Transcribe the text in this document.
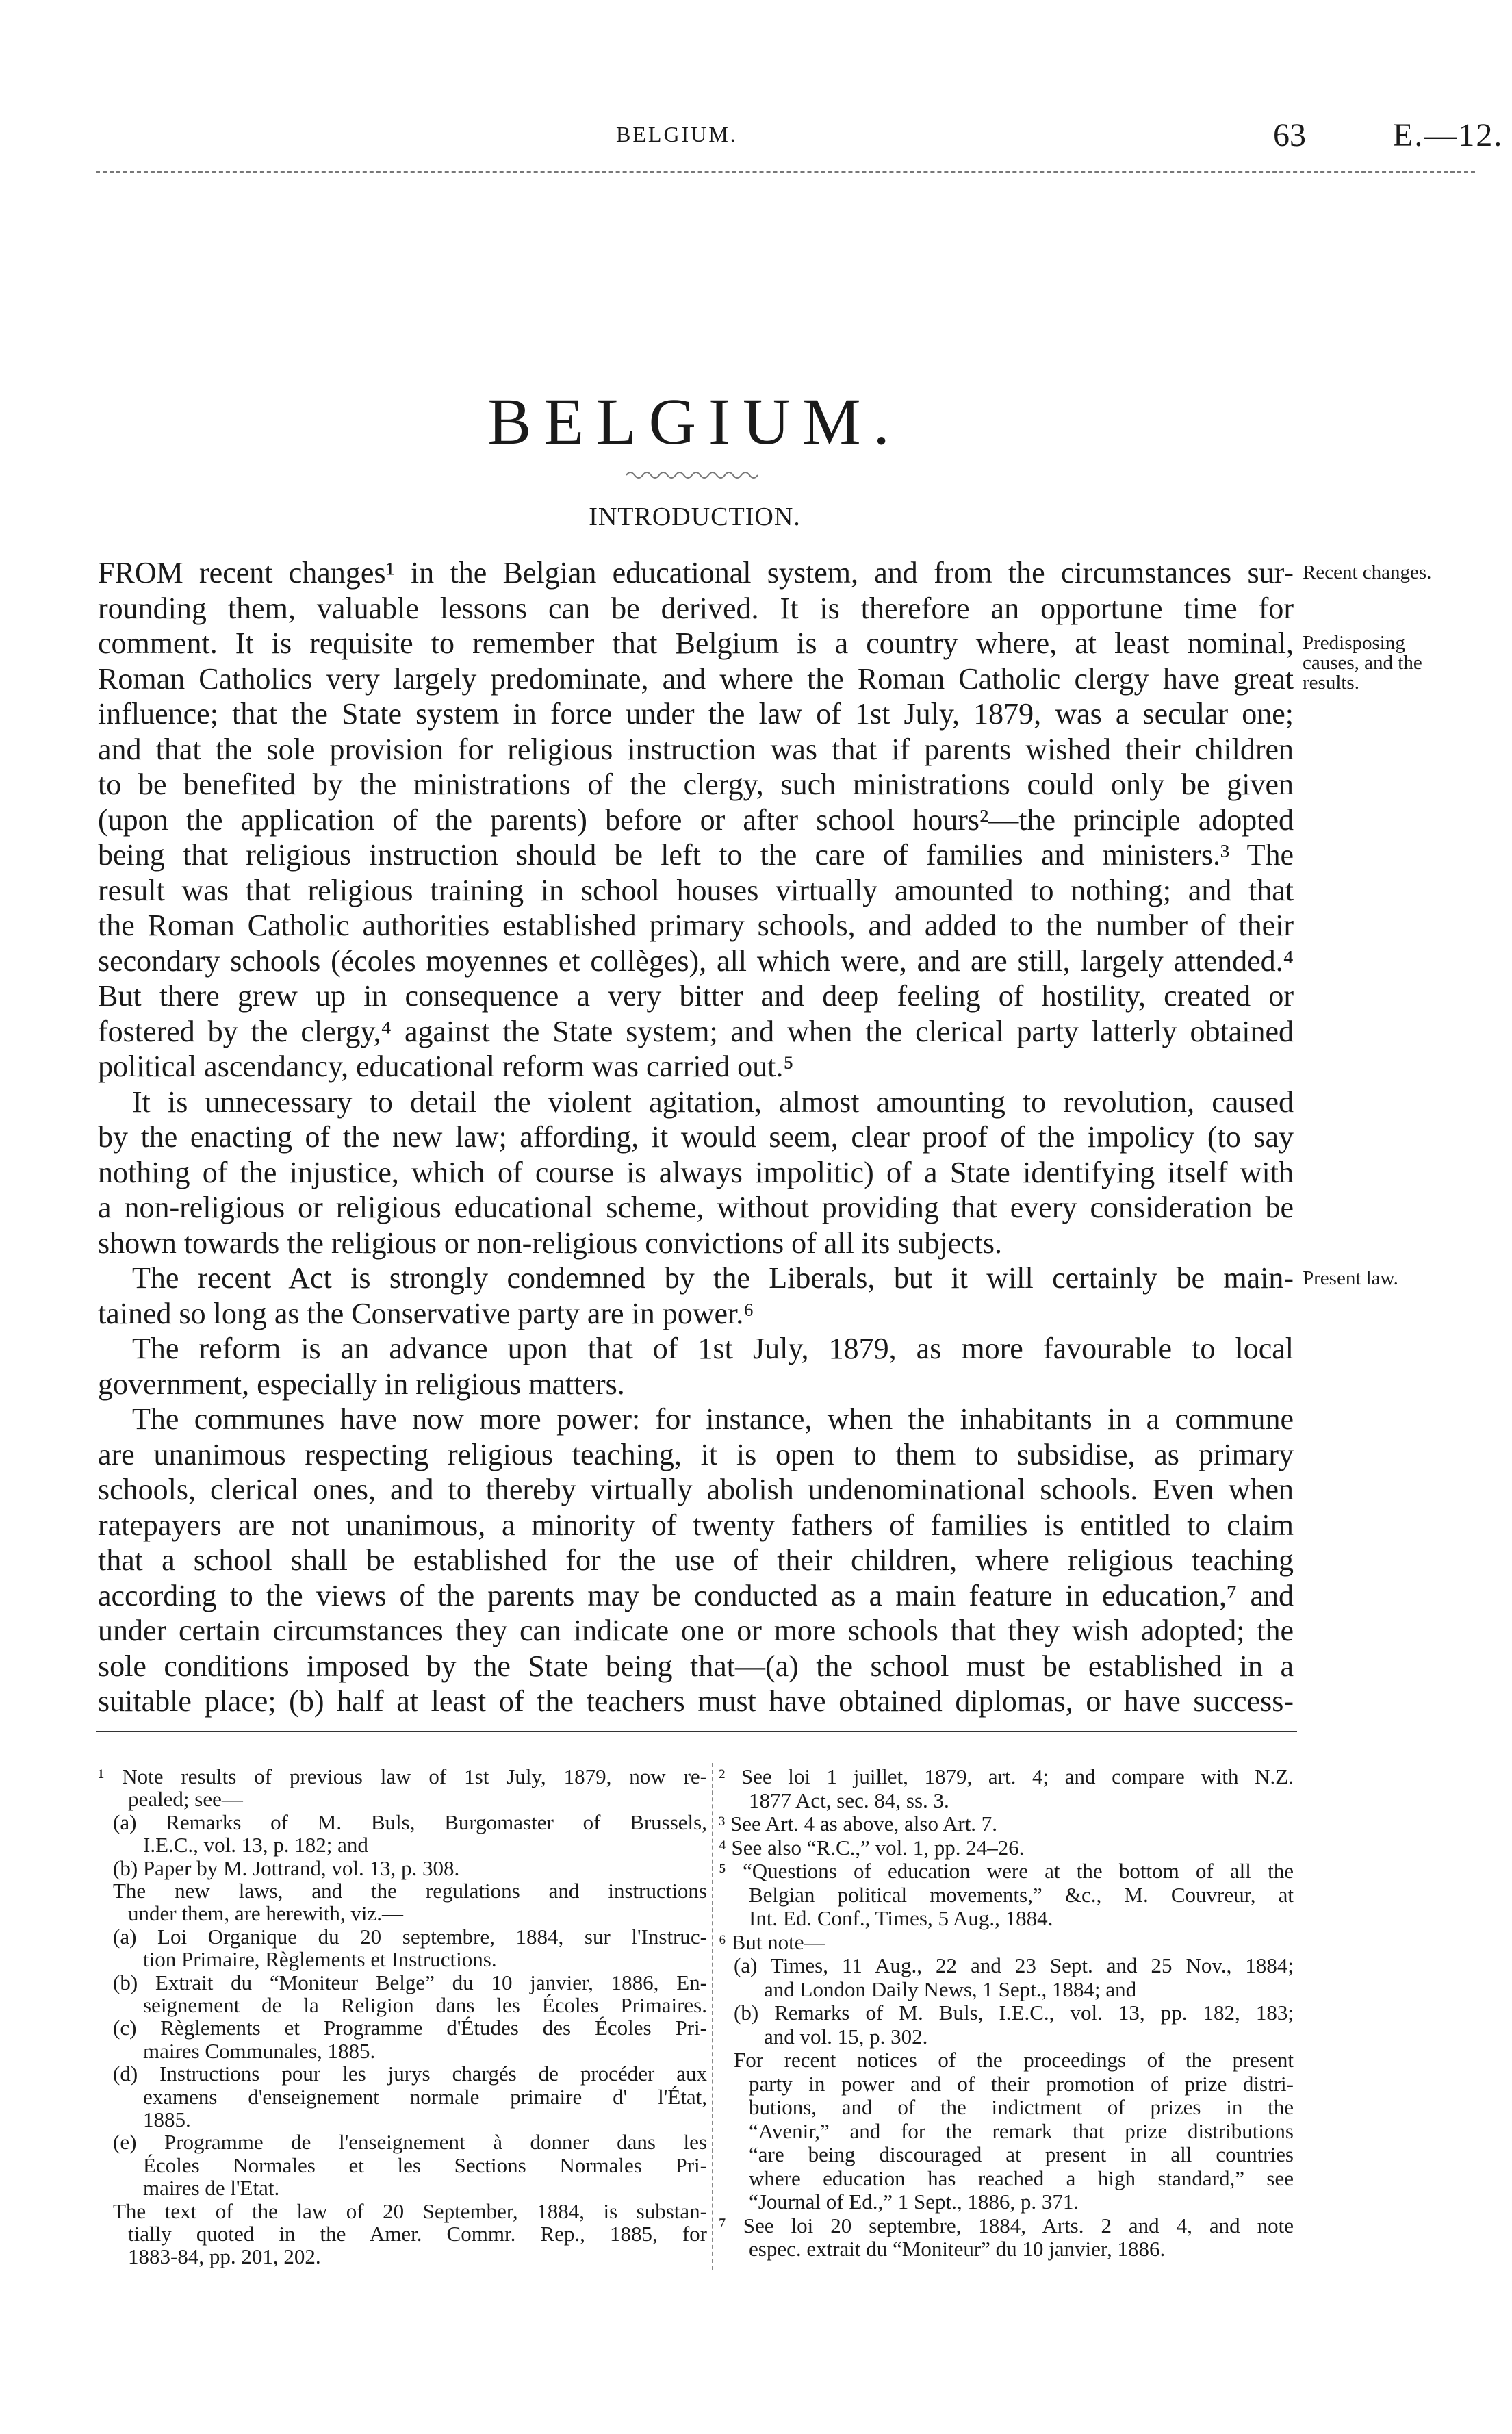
BELGIUM.	63	E.—12.
BELGIUM.
INTRODUCTION.
FROM recent changes¹ in the Belgian educational system, and from the circumstances sur-
rounding them, valuable lessons can be derived. It is therefore an opportune time for
comment. It is requisite to remember that Belgium is a country where, at least nominal,
Roman Catholics very largely predominate, and where the Roman Catholic clergy have great
influence; that the State system in force under the law of 1st July, 1879, was a secular one;
and that the sole provision for religious instruction was that if parents wished their children
to be benefited by the ministrations of the clergy, such ministrations could only be given
(upon the application of the parents) before or after school hours²—the principle adopted
being that religious instruction should be left to the care of families and ministers.³ The
result was that religious training in school houses virtually amounted to nothing; and that
the Roman Catholic authorities established primary schools, and added to the number of their
secondary schools (écoles moyennes et collèges), all which were, and are still, largely attended.⁴
But there grew up in consequence a very bitter and deep feeling of hostility, created or
fostered by the clergy,⁴ against the State system; and when the clerical party latterly obtained
political ascendancy, educational reform was carried out.⁵
It is unnecessary to detail the violent agitation, almost amounting to revolution, caused
by the enacting of the new law; affording, it would seem, clear proof of the impolicy (to say
nothing of the injustice, which of course is always impolitic) of a State identifying itself with
a non-religious or religious educational scheme, without providing that every consideration be
shown towards the religious or non-religious convictions of all its subjects.
The recent Act is strongly condemned by the Liberals, but it will certainly be main-
tained so long as the Conservative party are in power.⁶
The reform is an advance upon that of 1st July, 1879, as more favourable to local
government, especially in religious matters.
The communes have now more power: for instance, when the inhabitants in a commune
are unanimous respecting religious teaching, it is open to them to subsidise, as primary
schools, clerical ones, and to thereby virtually abolish undenominational schools. Even when
ratepayers are not unanimous, a minority of twenty fathers of families is entitled to claim
that a school shall be established for the use of their children, where religious teaching
according to the views of the parents may be conducted as a main feature in education,⁷ and
under certain circumstances they can indicate one or more schools that they wish adopted; the
sole conditions imposed by the State being that—(a) the school must be established in a
suitable place; (b) half at least of the teachers must have obtained diplomas, or have success-
Recent changes.
Predisposing causes, and the results.
Present law.
¹ Note results of previous law of 1st July, 1879, now re-
pealed; see—
(a) Remarks of M. Buls, Burgomaster of Brussels,
I.E.C., vol. 13, p. 182; and
(b) Paper by M. Jottrand, vol. 13, p. 308.
The new laws, and the regulations and instructions
under them, are herewith, viz.—
(a) Loi Organique du 20 septembre, 1884, sur l'Instruc-
tion Primaire, Règlements et Instructions.
(b) Extrait du “Moniteur Belge” du 10 janvier, 1886, En-
seignement de la Religion dans les Écoles Primaires.
(c) Règlements et Programme d'Études des Écoles Pri-
maires Communales, 1885.
(d) Instructions pour les jurys chargés de procéder aux
examens d'enseignement normale primaire d' l'État,
1885.
(e) Programme de l'enseignement à donner dans les
Écoles Normales et les Sections Normales Pri-
maires de l'Etat.
The text of the law of 20 September, 1884, is substan-
tially quoted in the Amer. Commr. Rep., 1885, for
1883-84, pp. 201, 202.
² See loi 1 juillet, 1879, art. 4; and compare with N.Z.
1877 Act, sec. 84, ss. 3.
³ See Art. 4 as above, also Art. 7.
⁴ See also “R.C.,” vol. 1, pp. 24–26.
⁵ “Questions of education were at the bottom of all the
Belgian political movements,” &c., M. Couvreur, at
Int. Ed. Conf., Times, 5 Aug., 1884.
⁶ But note—
(a) Times, 11 Aug., 22 and 23 Sept. and 25 Nov., 1884;
and London Daily News, 1 Sept., 1884; and
(b) Remarks of M. Buls, I.E.C., vol. 13, pp. 182, 183;
and vol. 15, p. 302.
For recent notices of the proceedings of the present
party in power and of their promotion of prize distri-
butions, and of the indictment of prizes in the
“Avenir,” and for the remark that prize distributions
“are being discouraged at present in all countries
where education has reached a high standard,” see
“Journal of Ed.,” 1 Sept., 1886, p. 371.
⁷ See loi 20 septembre, 1884, Arts. 2 and 4, and note
espec. extrait du “Moniteur” du 10 janvier, 1886.
